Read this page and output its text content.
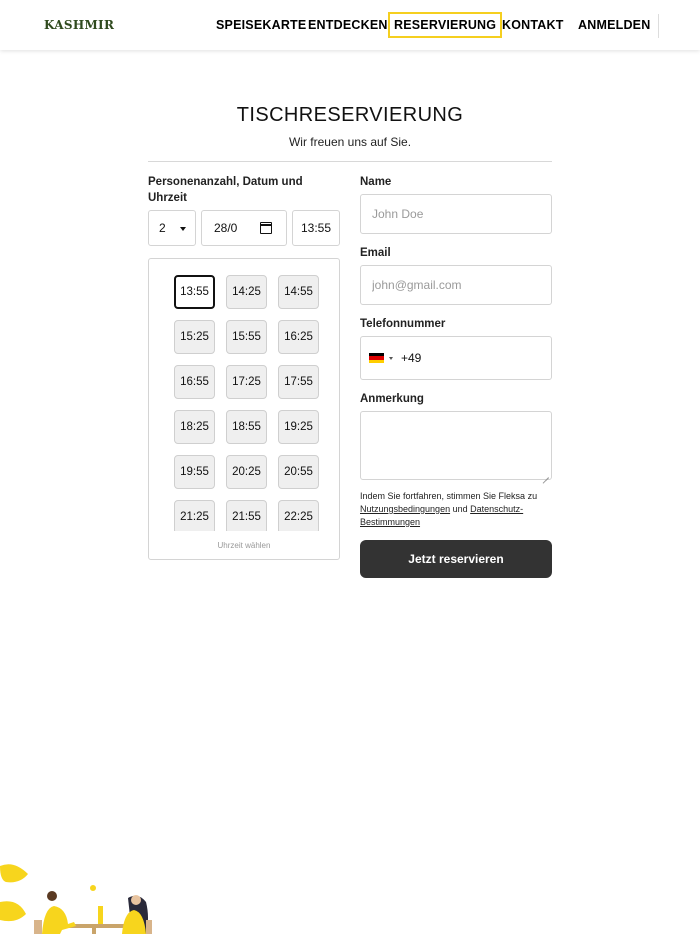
KASHMIR	SPEISEKARTE ENTDECKEN RESERVIERUNG KONTAKT ANMELDEN
TISCHRESERVIERUNG
Wir freuen uns auf Sie.
Personenanzahl, Datum und Uhrzeit
2	28/0	13:55
13:55	14:25	14:55
15:25	15:55	16:25
16:55	17:25	17:55
18:25	18:55	19:25
19:55	20:25	20:55
21:25	21:55	22:25
Uhrzeit wählen
Name
John Doe
Email
john@gmail.com
Telefonnummer
+49
Anmerkung
Indem Sie fortfahren, stimmen Sie Fleksa zu Nutzungsbedingungen und Datenschutz-Bestimmungen
Jetzt reservieren
